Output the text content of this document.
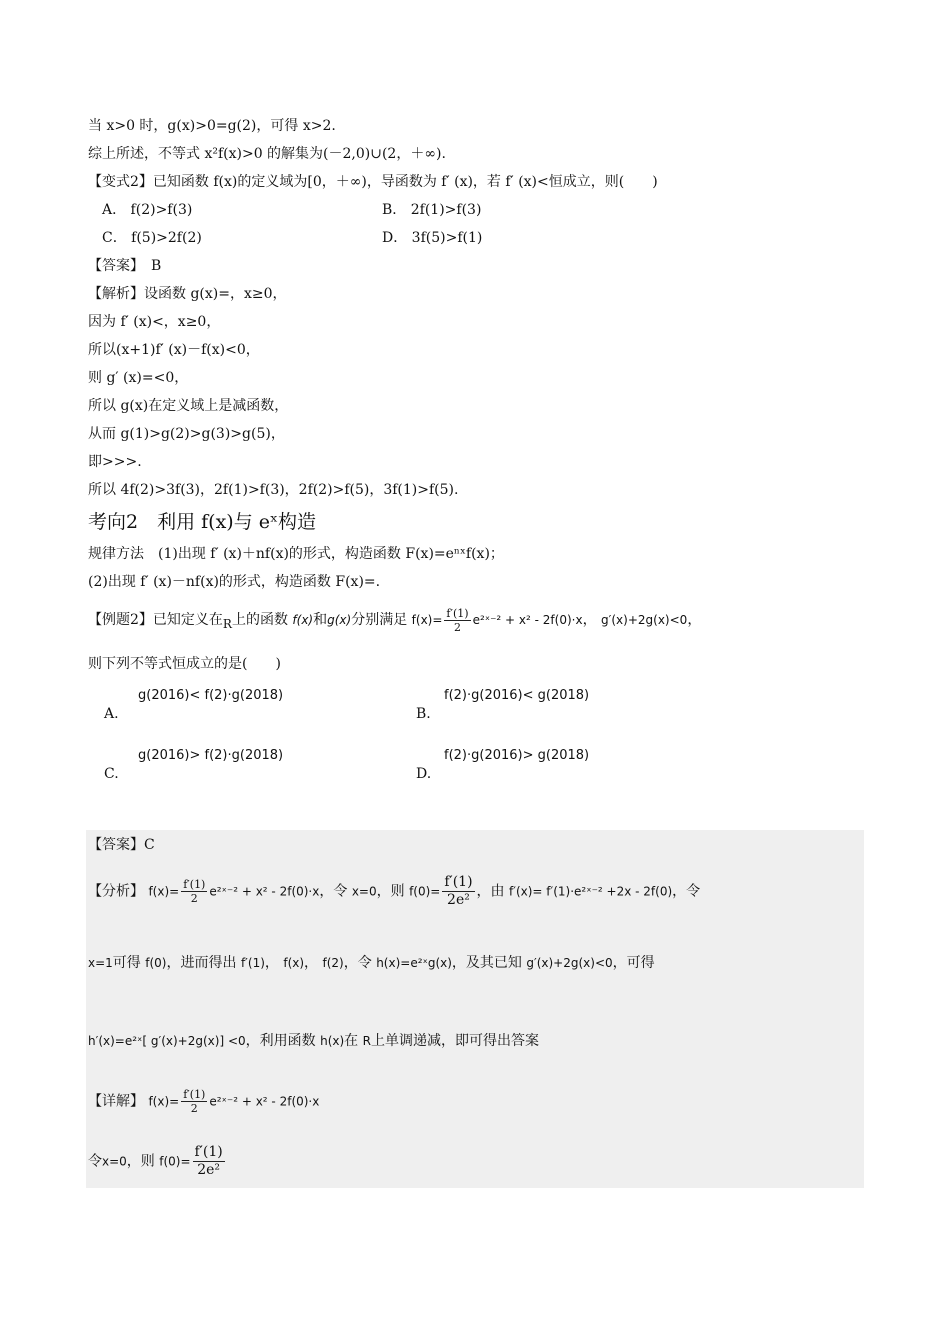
当 x>0 时，g(x)>0=g(2)，可得 x>2.
综上所述，不等式 x²f(x)>0 的解集为(－2,0)∪(2，＋∞).
【变式2】已知函数 f(x)的定义域为[0，＋∞)，导函数为 f′ (x)，若 f′ (x)<恒成立，则(　　)
A． f(2)>f(3)	B． 2f(1)>f(3)
C． f(5)>2f(2)	D． 3f(5)>f(1)
【答案】　B
【解析】设函数 g(x)=，x≥0，
因为 f′ (x)<，x≥0，
所以(x+1)f′ (x)－f(x)<0，
则 g′ (x)=<0，
所以 g(x)在定义域上是减函数，
从而 g(1)>g(2)>g(3)>g(5)，
即>>>.
所以 4f(2)>3f(3)，2f(1)>f(3)，2f(2)>f(5)，3f(1)>f(5).
考向2　利用 f(x)与 eˣ构造
规律方法　(1)出现 f′ (x)＋nf(x)的形式，构造函数 F(x)=eⁿˣf(x)；
(2)出现 f′ (x)－nf(x)的形式，构造函数 F(x)=.
【例题2】已知定义在R上的函数 f(x)和g(x)分别满足 $f(x)= \frac{f'(1)}{2}$ e²ˣ⁻² + x² - 2f(0)·x， g′(x)+2g(x)<0，
则下列不等式恒成立的是(　　)
A.
g(2016)< f(2)·g(2018)
B.
f(2)·g(2016)< g(2018)
C.
g(2016)> f(2)·g(2018)
D.
f(2)·g(2016)> g(2018)
【答案】C
【分析】 $f(x)= \frac{f'(1)}{2}$ e²ˣ⁻² + x² - 2f(0)·x，令 x=0，则 $f(0)= \frac{f'(1)}{\text{2e²}}$ ，由 f′(x)= f′(1)·e²ˣ⁻² +2x - 2f(0)，令
x=1可得 f(0)，进而得出 f′(1)， f(x)， f(2)，令 h(x)=e²ˣg(x)，及其已知 g′(x)+2g(x)<0，可得
h′(x)=e²ˣ[ g′(x)+2g(x)] <0，利用函数 h(x)在 R上单调递减，即可得出答案
【详解】 $f(x)= \frac{f'(1)}{2}$ e²ˣ⁻² + x² - 2f(0)·x
令x=0，则 $f(0)= \frac{f'(1)}{\text{2e²}}$
